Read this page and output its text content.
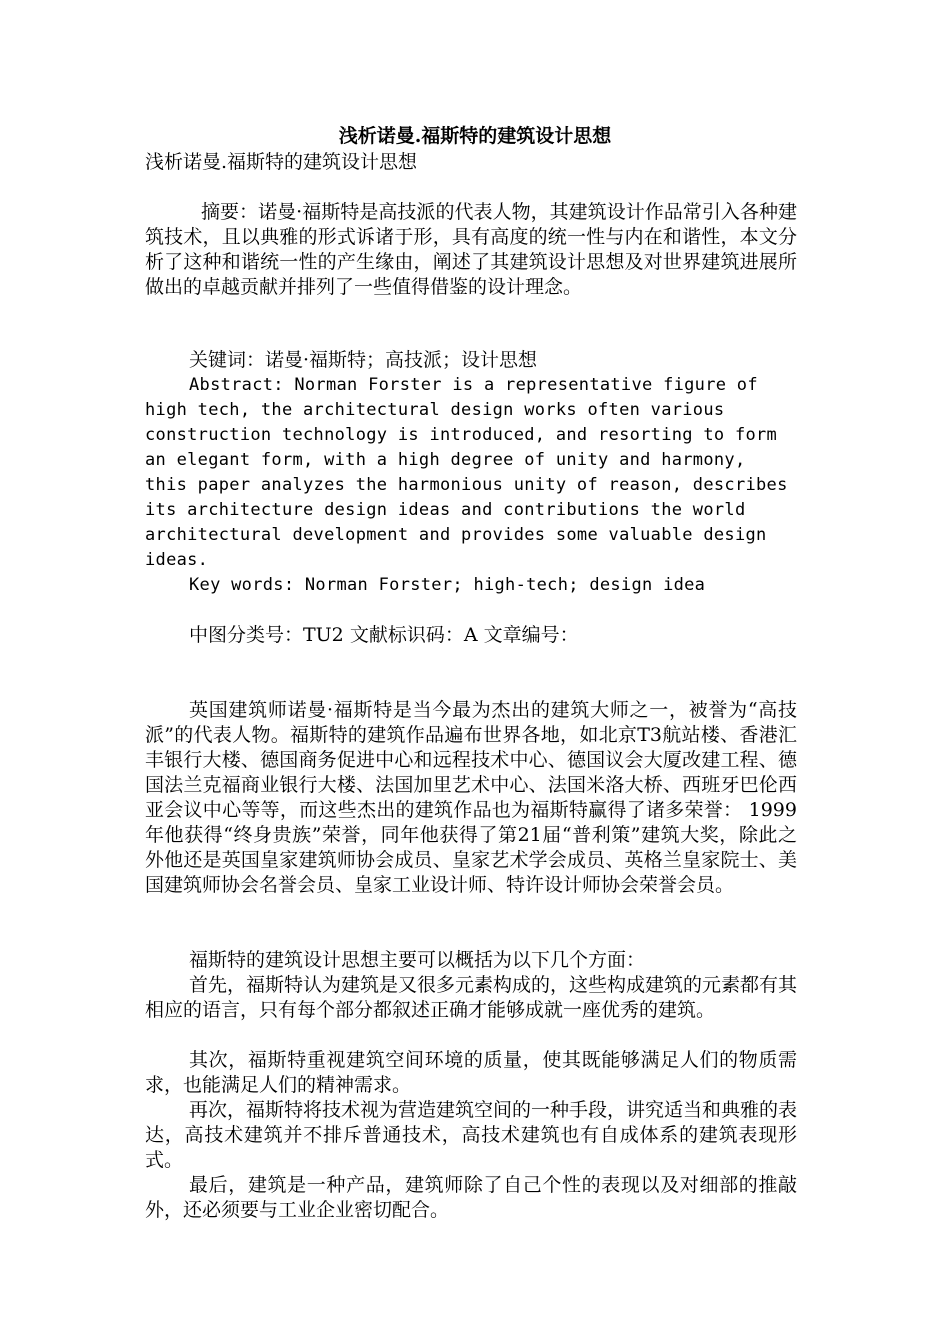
浅析诺曼.福斯特的建筑设计思想
浅析诺曼.福斯特的建筑设计思想
摘要：诺曼·福斯特是高技派的代表人物，其建筑设计作品常引入各种建筑技术，且以典雅的形式诉诸于形，具有高度的统一性与内在和谐性，本文分析了这种和谐统一性的产生缘由，阐述了其建筑设计思想及对世界建筑进展所做出的卓越贡献并排列了一些值得借鉴的设计理念。
关键词：诺曼·福斯特；高技派；设计思想
Abstract: Norman Forster is a representative figure of high tech, the architectural design works often various construction technology is introduced, and resorting to form an elegant form, with a high degree of unity and harmony, this paper analyzes the harmonious unity of reason, describes its architecture design ideas and contributions the world architectural development and provides some valuable design ideas.
Key words: Norman Forster; high-tech; design idea
中图分类号：TU2 文献标识码：A 文章编号：
英国建筑师诺曼·福斯特是当今最为杰出的建筑大师之一，被誉为“高技派”的代表人物。福斯特的建筑作品遍布世界各地，如北京T3航站楼、香港汇丰银行大楼、德国商务促进中心和远程技术中心、德国议会大厦改建工程、德国法兰克福商业银行大楼、法国加里艺术中心、法国米洛大桥、西班牙巴伦西亚会议中心等等，而这些杰出的建筑作品也为福斯特赢得了诸多荣誉： 1999年他获得“终身贵族”荣誉，同年他获得了第21届“普利策”建筑大奖，除此之外他还是英国皇家建筑师协会成员、皇家艺术学会成员、英格兰皇家院士、美国建筑师协会名誉会员、皇家工业设计师、特许设计师协会荣誉会员。
福斯特的建筑设计思想主要可以概括为以下几个方面：
首先，福斯特认为建筑是又很多元素构成的，这些构成建筑的元素都有其相应的语言，只有每个部分都叙述正确才能够成就一座优秀的建筑。
其次，福斯特重视建筑空间环境的质量，使其既能够满足人们的物质需求，也能满足人们的精神需求。
再次，福斯特将技术视为营造建筑空间的一种手段，讲究适当和典雅的表达，高技术建筑并不排斥普通技术，高技术建筑也有自成体系的建筑表现形式。
最后，建筑是一种产品，建筑师除了自己个性的表现以及对细部的推敲外，还必须要与工业企业密切配合。
